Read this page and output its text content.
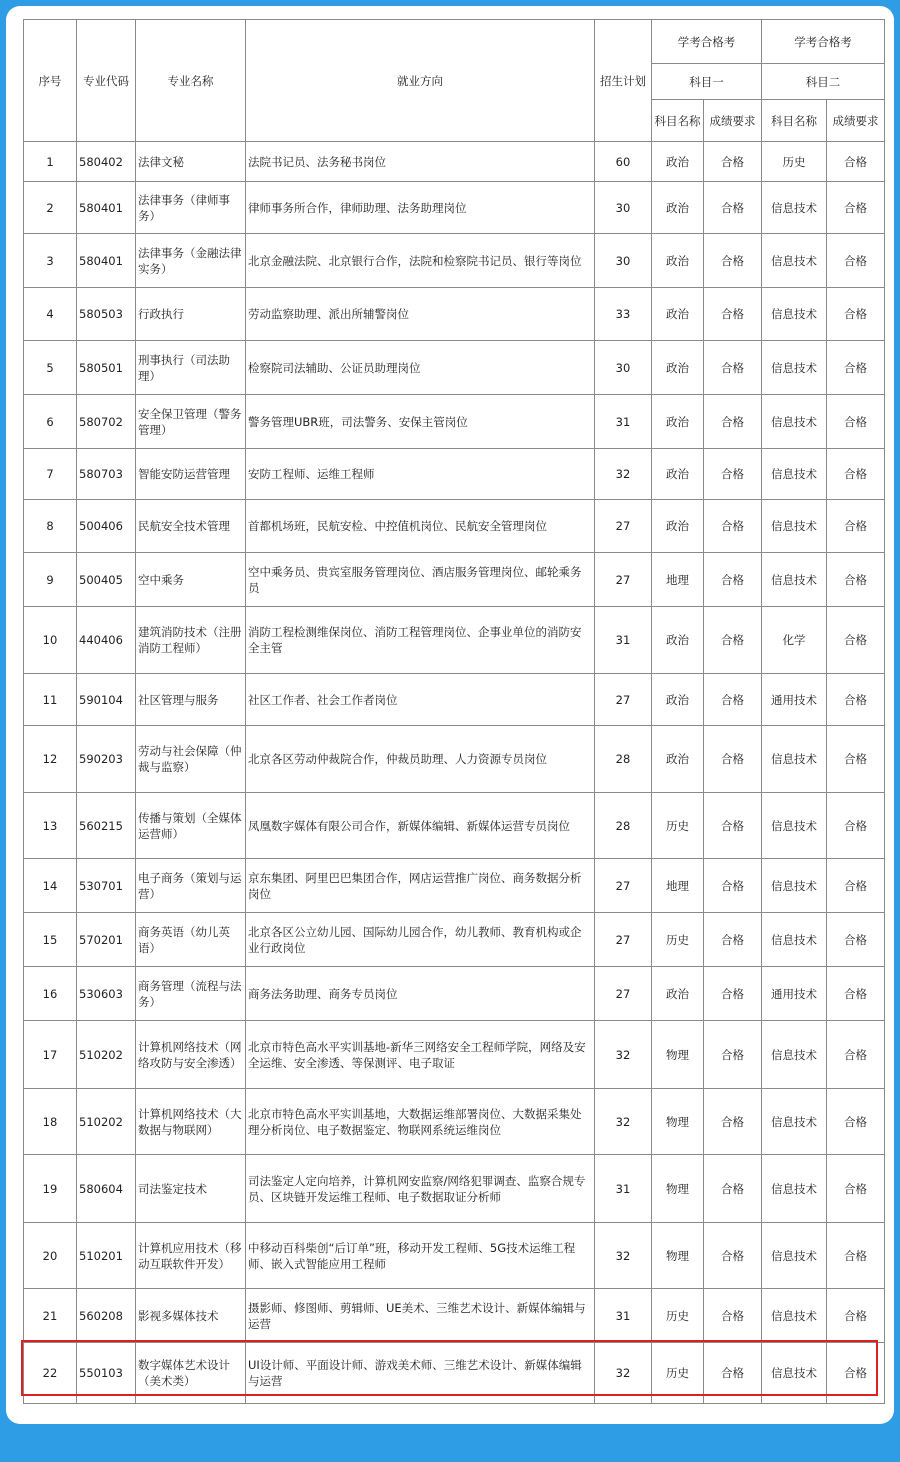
序号	专业代码	专业名称	就业方向	招生计划	学考合格考		学考合格考	
					科目一		科目二	
					科目名称	成绩要求	科目名称	成绩要求
1	580402	法律文秘	法院书记员、法务秘书岗位	60	政治	合格	历史	合格
2	580401	法律事务（律师事务）	律师事务所合作，律师助理、法务助理岗位	30	政治	合格	信息技术	合格
3	580401	法律事务（金融法律实务）	北京金融法院、北京银行合作，法院和检察院书记员、银行等岗位	30	政治	合格	信息技术	合格
4	580503	行政执行	劳动监察助理、派出所辅警岗位	33	政治	合格	信息技术	合格
5	580501	刑事执行（司法助理）	检察院司法辅助、公证员助理岗位	30	政治	合格	信息技术	合格
6	580702	安全保卫管理（警务管理）	警务管理UBR班，司法警务、安保主管岗位	31	政治	合格	信息技术	合格
7	580703	智能安防运营管理	安防工程师、运维工程师	32	政治	合格	信息技术	合格
8	500406	民航安全技术管理	首都机场班，民航安检、中控值机岗位、民航安全管理岗位	27	政治	合格	信息技术	合格
9	500405	空中乘务	空中乘务员、贵宾室服务管理岗位、酒店服务管理岗位、邮轮乘务员	27	地理	合格	信息技术	合格
10	440406	建筑消防技术（注册消防工程师）	消防工程检测维保岗位、消防工程管理岗位、企事业单位的消防安全主管	31	政治	合格	化学	合格
11	590104	社区管理与服务	社区工作者、社会工作者岗位	27	政治	合格	通用技术	合格
12	590203	劳动与社会保障（仲裁与监察）	北京各区劳动仲裁院合作，仲裁员助理、人力资源专员岗位	28	政治	合格	信息技术	合格
13	560215	传播与策划（全媒体运营师）	凤凰数字媒体有限公司合作，新媒体编辑、新媒体运营专员岗位	28	历史	合格	信息技术	合格
14	530701	电子商务（策划与运营）	京东集团、阿里巴巴集团合作，网店运营推广岗位、商务数据分析岗位	27	地理	合格	信息技术	合格
15	570201	商务英语（幼儿英语）	北京各区公立幼儿园、国际幼儿园合作，幼儿教师、教育机构或企业行政岗位	27	历史	合格	信息技术	合格
16	530603	商务管理（流程与法务）	商务法务助理、商务专员岗位	27	政治	合格	通用技术	合格
17	510202	计算机网络技术（网络攻防与安全渗透）	北京市特色高水平实训基地-新华三网络安全工程师学院，网络及安全运维、安全渗透、等保测评、电子取证	32	物理	合格	信息技术	合格
18	510202	计算机网络技术（大数据与物联网）	北京市特色高水平实训基地，大数据运维部署岗位、大数据采集处理分析岗位、电子数据鉴定、物联网系统运维岗位	32	物理	合格	信息技术	合格
19	580604	司法鉴定技术	司法鉴定人定向培养，计算机网安监察/网络犯罪调查、监察合规专员、区块链开发运维工程师、电子数据取证分析师	31	物理	合格	信息技术	合格
20	510201	计算机应用技术（移动互联软件开发）	中移动百科柴创“后订单”班，移动开发工程师、5G技术运维工程师、嵌入式智能应用工程师	32	物理	合格	信息技术	合格
21	560208	影视多媒体技术	摄影师、修图师、剪辑师、UE美术、三维艺术设计、新媒体编辑与运营	31	历史	合格	信息技术	合格
22	550103	数字媒体艺术设计（美术类）	UI设计师、平面设计师、游戏美术师、三维艺术设计、新媒体编辑与运营	32	历史	合格	信息技术	合格
